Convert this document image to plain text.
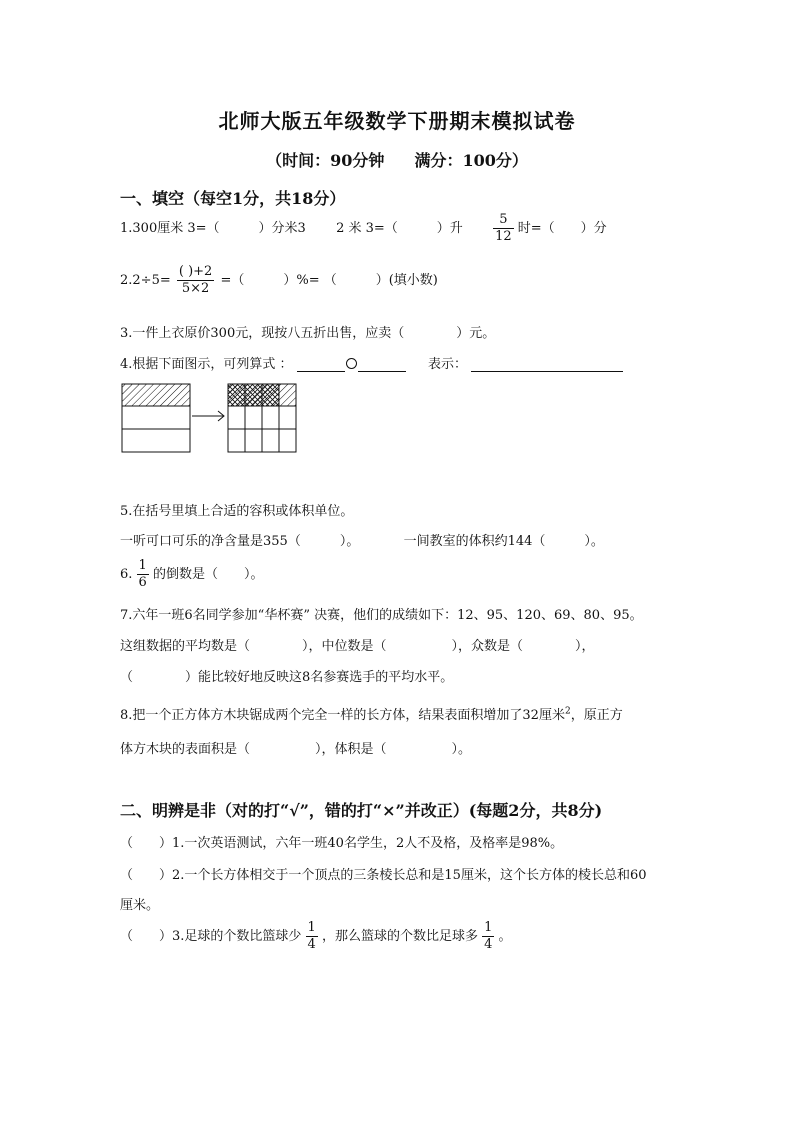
北师大版五年级数学下册期末模拟试卷
（时间：90分钟 满分：100分）
一、填空（每空1分，共18分）
1.300厘米 3=（　　　）分米3 2 米 3=（　　　）升 $\frac{5}{12}$ 时=（　　）分
$2.2\div 5= \frac{( )+2}{5\times 2}$ =（　　　）%= （　　　）(填小数)
3.一件上衣原价300元，现按八五折出售，应卖（　　　　）元。
4.根据下面图示，可列算式 ：	表示：
5.在括号里填上合适的容积或体积单位。
一听可口可乐的净含量是355（　　　）。	一间教室的体积约144（　　　）。
6. $\frac{1}{6}$ 的倒数是（　　）。
7.六年一班6名同学参加“华杯赛” 决赛，他们的成绩如下：12、95、120、69、80、95。
这组数据的平均数是（　　　　），中位数是（　　　　　），众数是（　　　　），
（　　　　）能比较好地反映这8名参赛选手的平均水平。
8.把一个正方体方木块锯成两个完全一样的长方体，结果表面积增加了32厘米$^2$，原正方
体方木块的表面积是（　　　　　），体积是（　　　　　）。
二、明辨是非（对的打“√”，错的打“×”并改正）(每题2分，共8分)
（　　）1.一次英语测试，六年一班40名学生，2人不及格，及格率是98%。
（　　）2.一个长方体相交于一个顶点的三条棱长总和是15厘米，这个长方体的棱长总和60
厘米。
（　　）3.足球的个数比篮球少 $\frac{1}{4}$ ，那么篮球的个数比足球多 $\frac{1}{4}$ 。
